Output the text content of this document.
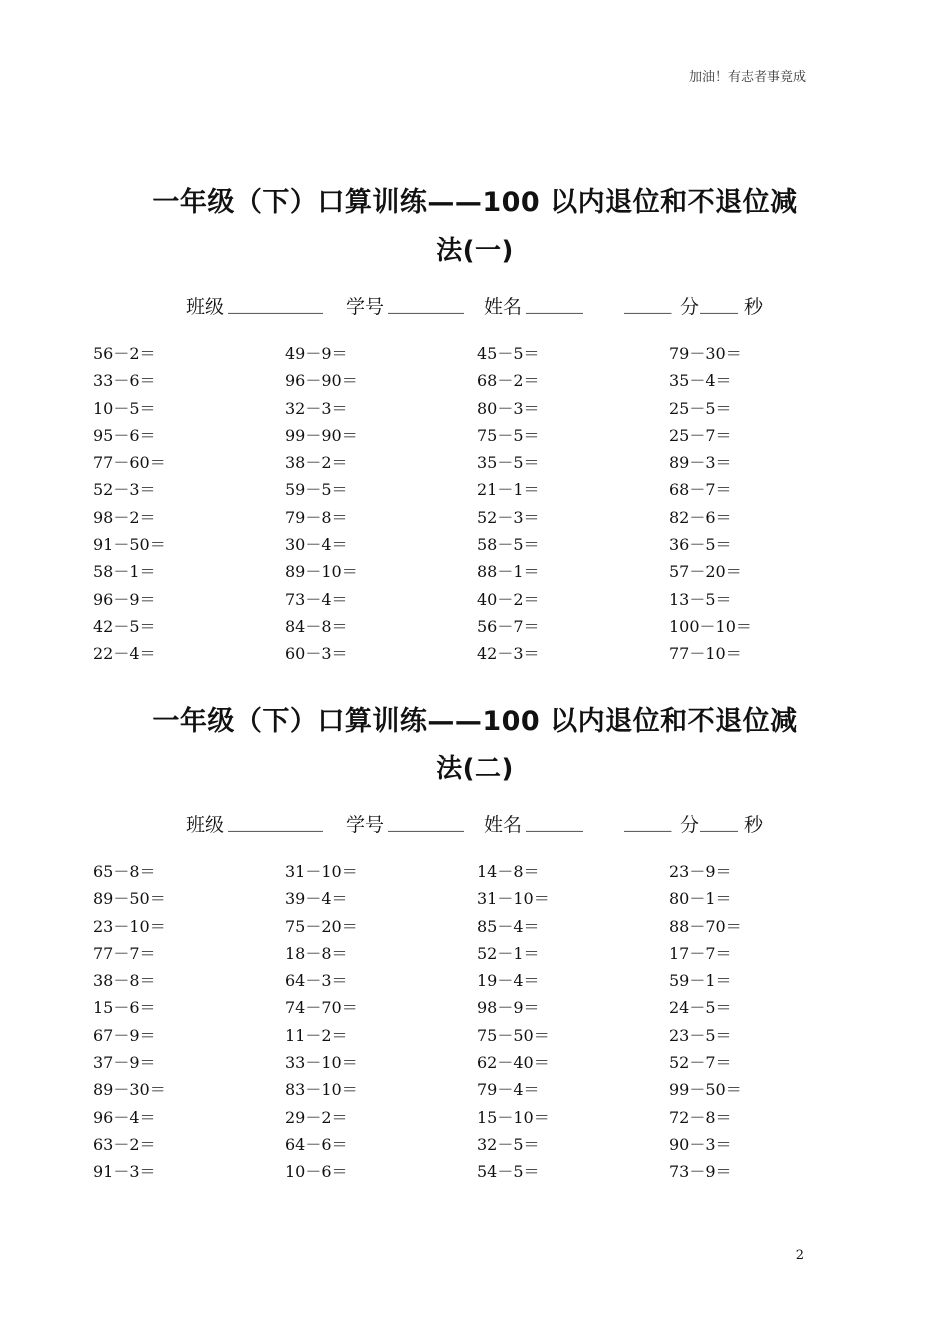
加油！有志者事竟成
一年级（下）口算训练——100 以内退位和不退位减
法(一)
班级 __________ 学号 ________ 姓名 ______ _____ 分 ____ 秒
56－2＝	49－9＝	45－5＝	79－30＝
33－6＝	96－90＝	68－2＝	35－4＝
10－5＝	32－3＝	80－3＝	25－5＝
95－6＝	99－90＝	75－5＝	25－7＝
77－60＝	38－2＝	35－5＝	89－3＝
52－3＝	59－5＝	21－1＝	68－7＝
98－2＝	79－8＝	52－3＝	82－6＝
91－50＝	30－4＝	58－5＝	36－5＝
58－1＝	89－10＝	88－1＝	57－20＝
96－9＝	73－4＝	40－2＝	13－5＝
42－5＝	84－8＝	56－7＝	100－10＝
22－4＝	60－3＝	42－3＝	77－10＝
一年级（下）口算训练——100 以内退位和不退位减
法(二)
班级 __________ 学号 ________ 姓名 ______ _____ 分 ____ 秒
65－8＝	31－10＝	14－8＝	23－9＝
89－50＝	39－4＝	31－10＝	80－1＝
23－10＝	75－20＝	85－4＝	88－70＝
77－7＝	18－8＝	52－1＝	17－7＝
38－8＝	64－3＝	19－4＝	59－1＝
15－6＝	74－70＝	98－9＝	24－5＝
67－9＝	11－2＝	75－50＝	23－5＝
37－9＝	33－10＝	62－40＝	52－7＝
89－30＝	83－10＝	79－4＝	99－50＝
96－4＝	29－2＝	15－10＝	72－8＝
63－2＝	64－6＝	32－5＝	90－3＝
91－3＝	10－6＝	54－5＝	73－9＝
2
